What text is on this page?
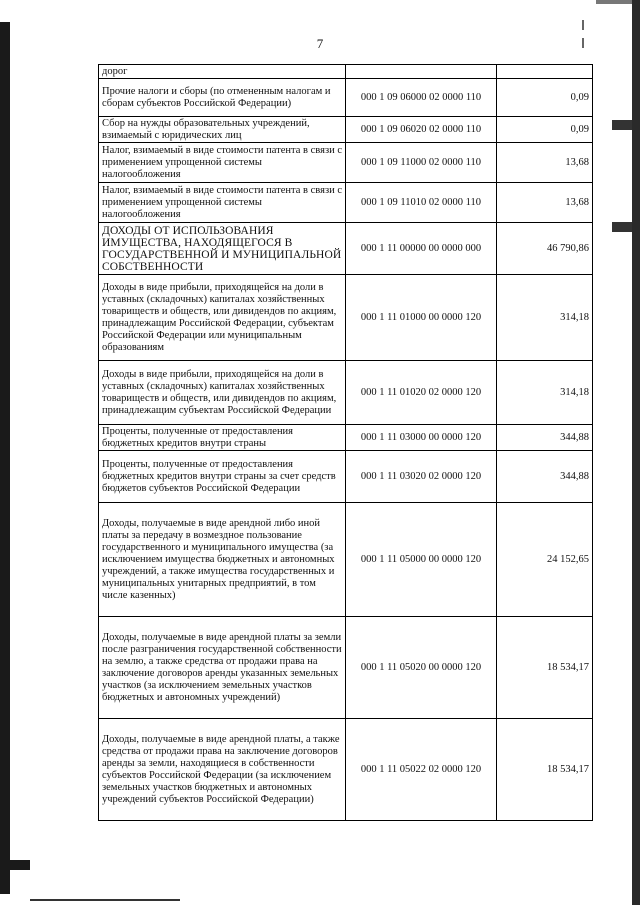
7
дорог		
Прочие налоги и сборы (по отмененным налогам и сборам субъектов Российской Федерации)	000 1 09 06000 02 0000 110	0,09
Сбор на нужды образовательных учреждений, взимаемый с юридических лиц	000 1 09 06020 02 0000 110	0,09
Налог, взимаемый в виде стоимости патента в связи с применением упрощенной системы налогообложения	000 1 09 11000 02 0000 110	13,68
Налог, взимаемый в виде стоимости патента в связи с применением упрощенной системы налогообложения	000 1 09 11010 02 0000 110	13,68
ДОХОДЫ ОТ ИСПОЛЬЗОВАНИЯ ИМУЩЕСТВА, НАХОДЯЩЕГОСЯ В ГОСУДАРСТВЕННОЙ И МУНИЦИПАЛЬНОЙ СОБСТВЕННОСТИ	000 1 11 00000 00 0000 000	46 790,86
Доходы в виде прибыли, приходящейся на доли в уставных (складочных) капиталах хозяйственных товариществ и обществ, или дивидендов по акциям, принадлежащим Российской Федерации, субъектам Российской Федерации или муниципальным образованиям	000 1 11 01000 00 0000 120	314,18
Доходы в виде прибыли, приходящейся на доли в уставных (складочных) капиталах хозяйственных товариществ и обществ, или дивидендов по акциям, принадлежащим субъектам Российской Федерации	000 1 11 01020 02 0000 120	314,18
Проценты, полученные от предоставления бюджетных кредитов внутри страны	000 1 11 03000 00 0000 120	344,88
Проценты, полученные от предоставления бюджетных кредитов внутри страны за счет средств бюджетов субъектов Российской Федерации	000 1 11 03020 02 0000 120	344,88
Доходы, получаемые в виде арендной либо иной платы за передачу в возмездное пользование государственного и муниципального имущества (за исключением имущества бюджетных и автономных учреждений, а также имущества государственных и муниципальных унитарных предприятий, в том числе казенных)	000 1 11 05000 00 0000 120	24 152,65
Доходы, получаемые в виде арендной платы за земли после разграничения государственной собственности на землю, а также средства от продажи права на заключение договоров аренды указанных земельных участков (за исключением земельных участков бюджетных и автономных учреждений)	000 1 11 05020 00 0000 120	18 534,17
Доходы, получаемые в виде арендной платы, а также средства от продажи права на заключение договоров аренды за земли, находящиеся в собственности субъектов Российской Федерации (за исключением земельных участков бюджетных и автономных учреждений субъектов Российской Федерации)	000 1 11 05022 02 0000 120	18 534,17
